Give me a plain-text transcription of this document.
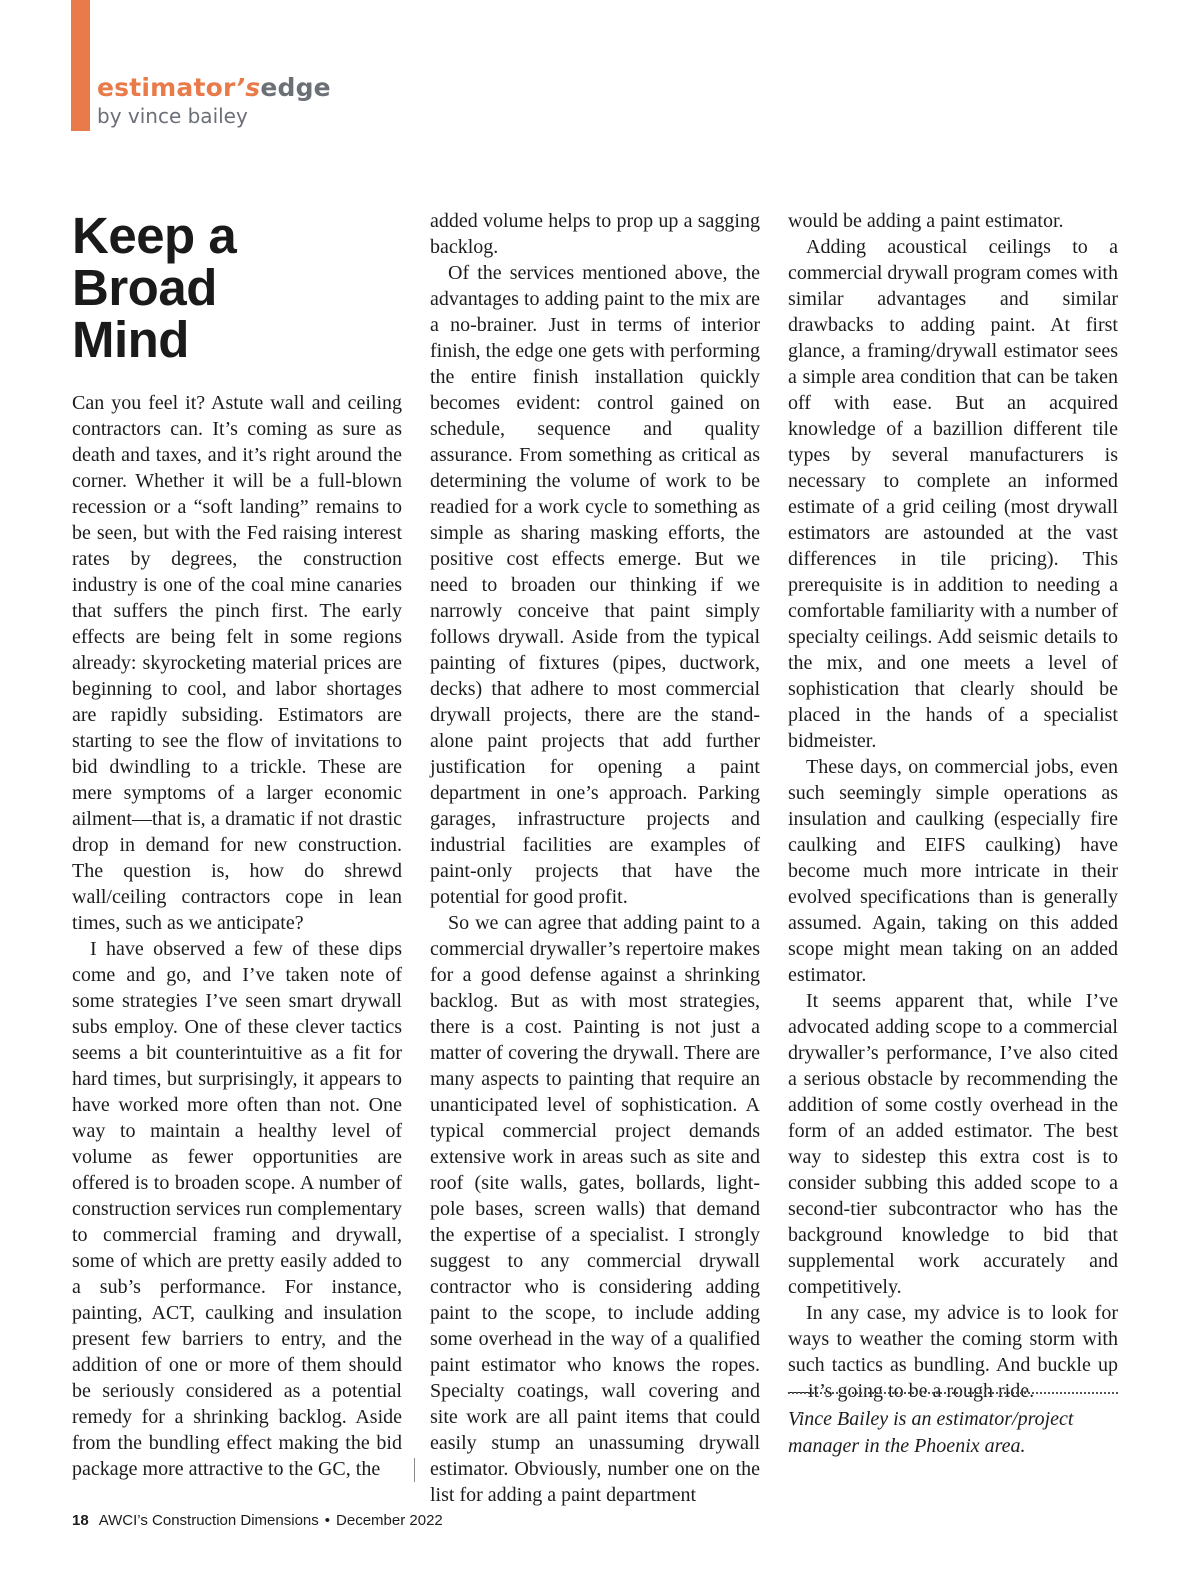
estimator’sedge
by vince bailey
Keep a
Broad
Mind

Can you feel it? Astute wall and ceiling contractors can. It’s coming as sure as death and taxes, and it’s right around the corner. Whether it will be a full-blown recession or a “soft landing” remains to be seen, but with the Fed raising interest rates by degrees, the construction industry is one of the coal mine canaries that suffers the pinch first. The early effects are being felt in some regions already: skyrocketing material prices are beginning to cool, and labor shortages are rapidly subsiding. Estimators are starting to see the flow of invitations to bid dwindling to a trickle. These are mere symptoms of a larger economic ailment—that is, a dramatic if not drastic drop in demand for new construction. The question is, how do shrewd wall/ceiling contractors cope in lean times, such as we anticipate?

I have observed a few of these dips come and go, and I’ve taken note of some strategies I’ve seen smart drywall subs employ. One of these clever tactics seems a bit counterintuitive as a fit for hard times, but surprisingly, it appears to have worked more often than not. One way to maintain a healthy level of volume as fewer opportunities are offered is to broaden scope. A number of construction services run complementary to commercial framing and drywall, some of which are pretty easily added to a sub’s performance. For instance, painting, ACT, caulking and insulation present few barriers to entry, and the addition of one or more of them should be seriously considered as a potential remedy for a shrinking backlog. Aside from the bundling effect making the bid package more attractive to the GC, the

added volume helps to prop up a sagging backlog.

Of the services mentioned above, the advantages to adding paint to the mix are a no-brainer. Just in terms of interior finish, the edge one gets with performing the entire finish installation quickly becomes evident: control gained on schedule, sequence and quality assurance. From something as critical as determining the volume of work to be readied for a work cycle to something as simple as sharing masking efforts, the positive cost effects emerge. But we need to broaden our thinking if we narrowly conceive that paint simply follows drywall. Aside from the typical painting of fixtures (pipes, ductwork, decks) that adhere to most commercial drywall projects, there are the stand-alone paint projects that add further justification for opening a paint department in one’s approach. Parking garages, infrastructure projects and industrial facilities are examples of paint-only projects that have the potential for good profit.

So we can agree that adding paint to a commercial drywaller’s repertoire makes for a good defense against a shrinking backlog. But as with most strategies, there is a cost. Painting is not just a matter of covering the drywall. There are many aspects to painting that require an unanticipated level of sophistication. A typical commercial project demands extensive work in areas such as site and roof (site walls, gates, bollards, light-pole bases, screen walls) that demand the expertise of a specialist. I strongly suggest to any commercial drywall contractor who is considering adding paint to the scope, to include adding some overhead in the way of a qualified paint estimator who knows the ropes. Specialty coatings, wall covering and site work are all paint items that could easily stump an unassuming drywall estimator. Obviously, number one on the list for adding a paint department

would be adding a paint estimator.

Adding acoustical ceilings to a commercial drywall program comes with similar advantages and similar drawbacks to adding paint. At first glance, a framing/drywall estimator sees a simple area condition that can be taken off with ease. But an acquired knowledge of a bazillion different tile types by several manufacturers is necessary to complete an informed estimate of a grid ceiling (most drywall estimators are astounded at the vast differences in tile pricing). This prerequisite is in addition to needing a comfortable familiarity with a number of specialty ceilings. Add seismic details to the mix, and one meets a level of sophistication that clearly should be placed in the hands of a specialist bidmeister.

These days, on commercial jobs, even such seemingly simple operations as insulation and caulking (especially fire caulking and EIFS caulking) have become much more intricate in their evolved specifications than is generally assumed. Again, taking on this added scope might mean taking on an added estimator.

It seems apparent that, while I’ve advocated adding scope to a commercial drywaller’s performance, I’ve also cited a serious obstacle by recommending the addition of some costly overhead in the form of an added estimator. The best way to sidestep this extra cost is to consider subbing this added scope to a second-tier subcontractor who has the background knowledge to bid that supplemental work accurately and competitively.

In any case, my advice is to look for ways to weather the coming storm with such tactics as bundling. And buckle up—it’s going to be a rough ride.

Vince Bailey is an estimator/project manager in the Phoenix area.
18 AWCI’s Construction Dimensions • December 2022
